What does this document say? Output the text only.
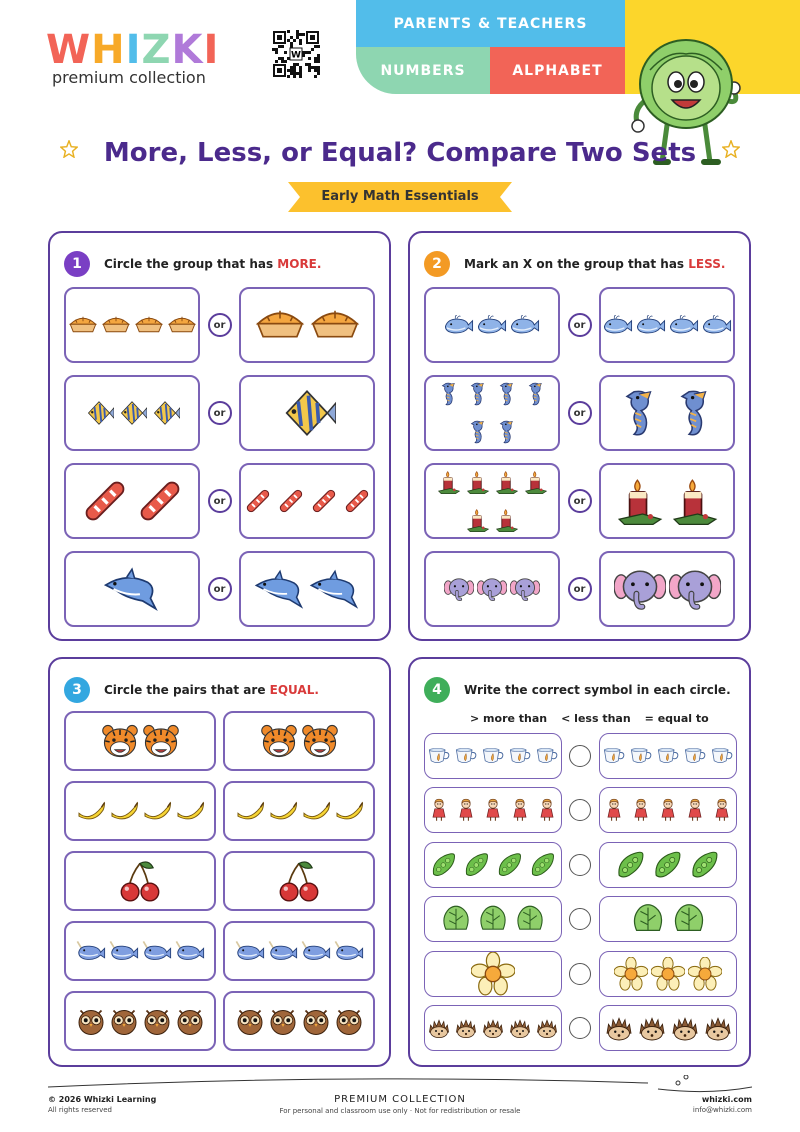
WHIZKI
premium collection
W
PARENTS & TEACHERS
NUMBERS	ALPHABET
More, Less, or Equal? Compare Two Sets
Early Math Essentials
1	Circle the group that has MORE.
or
or
or
or
2	Mark an X on the group that has LESS.
or
or
or
or
3	Circle the pairs that are EQUAL.	4	Write the correct symbol in each circle.
> more than < less than = equal to
© 2026 Whizki Learning
All rights reserved
PREMIUM COLLECTION
For personal and classroom use only · Not for redistribution or resale
whizki.com
info@whizki.com
